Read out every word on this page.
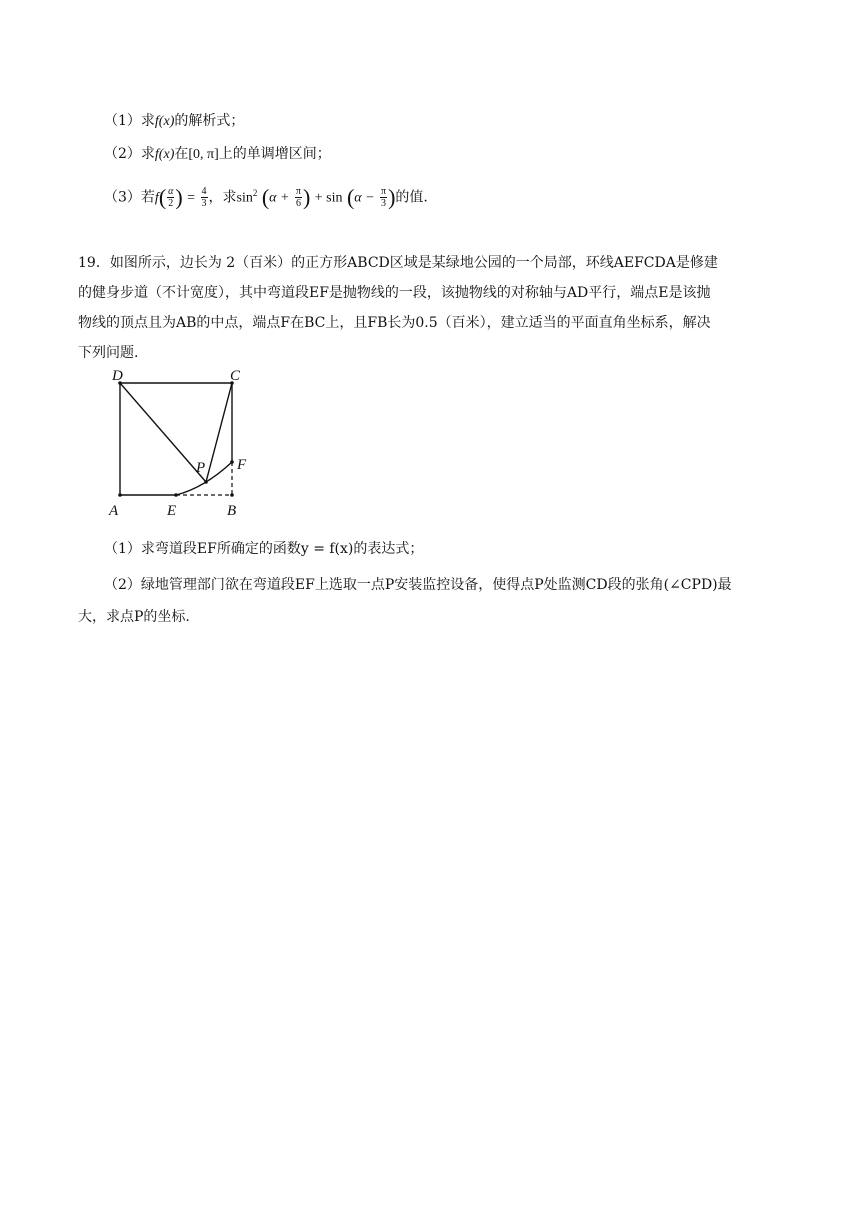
（1）求f(x)的解析式；
（2）求f(x)在[0, π]上的单调增区间；
（3）若$f( \frac{\alpha}{2}$ ) = $\frac{4}{3}$ ，求$\sin^2 (\alpha + \frac{\pi}{6}$ ) + $\sin (\alpha - \frac{\pi}{3}$ )的值.
19．如图所示，边长为 2（百米）的正方形ABCD区域是某绿地公园的一个局部，环线AEFCDA是修建
的健身步道（不计宽度），其中弯道段EF是抛物线的一段，该抛物线的对称轴与AD平行，端点E是该抛
物线的顶点且为AB的中点，端点F在BC上，且FB长为0.5（百米），建立适当的平面直角坐标系，解决
下列问题.
D	C
P F
A	E	B
（1）求弯道段EF所确定的函数y = f(x)的表达式；
（2）绿地管理部门欲在弯道段EF上选取一点P安装监控设备，使得点P处监测CD段的张角(∠CPD)最
大，求点P的坐标.
